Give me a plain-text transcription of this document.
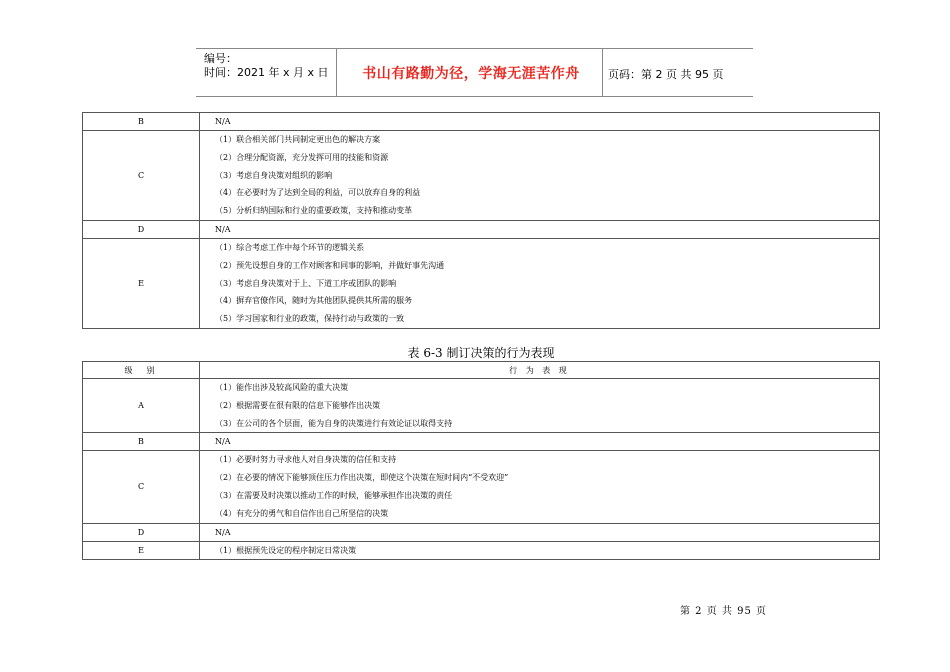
编号：
时间：2021 年 x 月 x 日	书山有路勤为径，学海无涯苦作舟	页码：第 2 页 共 95 页
B	N/A

C	（1）联合相关部门共同制定更出色的解决方案
（2）合理分配资源，充分发挥可用的技能和资源
（3）考虑自身决策对组织的影响
（4）在必要时为了达到全局的利益，可以放弃自身的利益
（5）分析归纳国际和行业的重要政策，支持和推动变革

D	N/A

E	（1）综合考虑工作中每个环节的逻辑关系
（2）预先设想自身的工作对顾客和同事的影响，并做好事先沟通
（3）考虑自身决策对于上、下道工序或团队的影响
（4）摒弃官僚作风，随时为其他团队提供其所需的服务
（5）学习国家和行业的政策，保持行动与政策的一致
表 6-3 制订决策的行为表现
级　别	行 为 表 现
A	（1）能作出涉及较高风险的重大决策
（2）根据需要在很有限的信息下能够作出决策
（3）在公司的各个层面，能为自身的决策进行有效论证以取得支持

B	N/A

C	（1）必要时努力寻求他人对自身决策的信任和支持
（2）在必要的情况下能够顶住压力作出决策，即使这个决策在短时间内“不受欢迎”
（3）在需要及时决策以推动工作的时候，能够承担作出决策的责任
（4）有充分的勇气和自信作出自己所坚信的决策

D	N/A

E	（1）根据预先设定的程序制定日常决策
第 2 页 共 95 页
